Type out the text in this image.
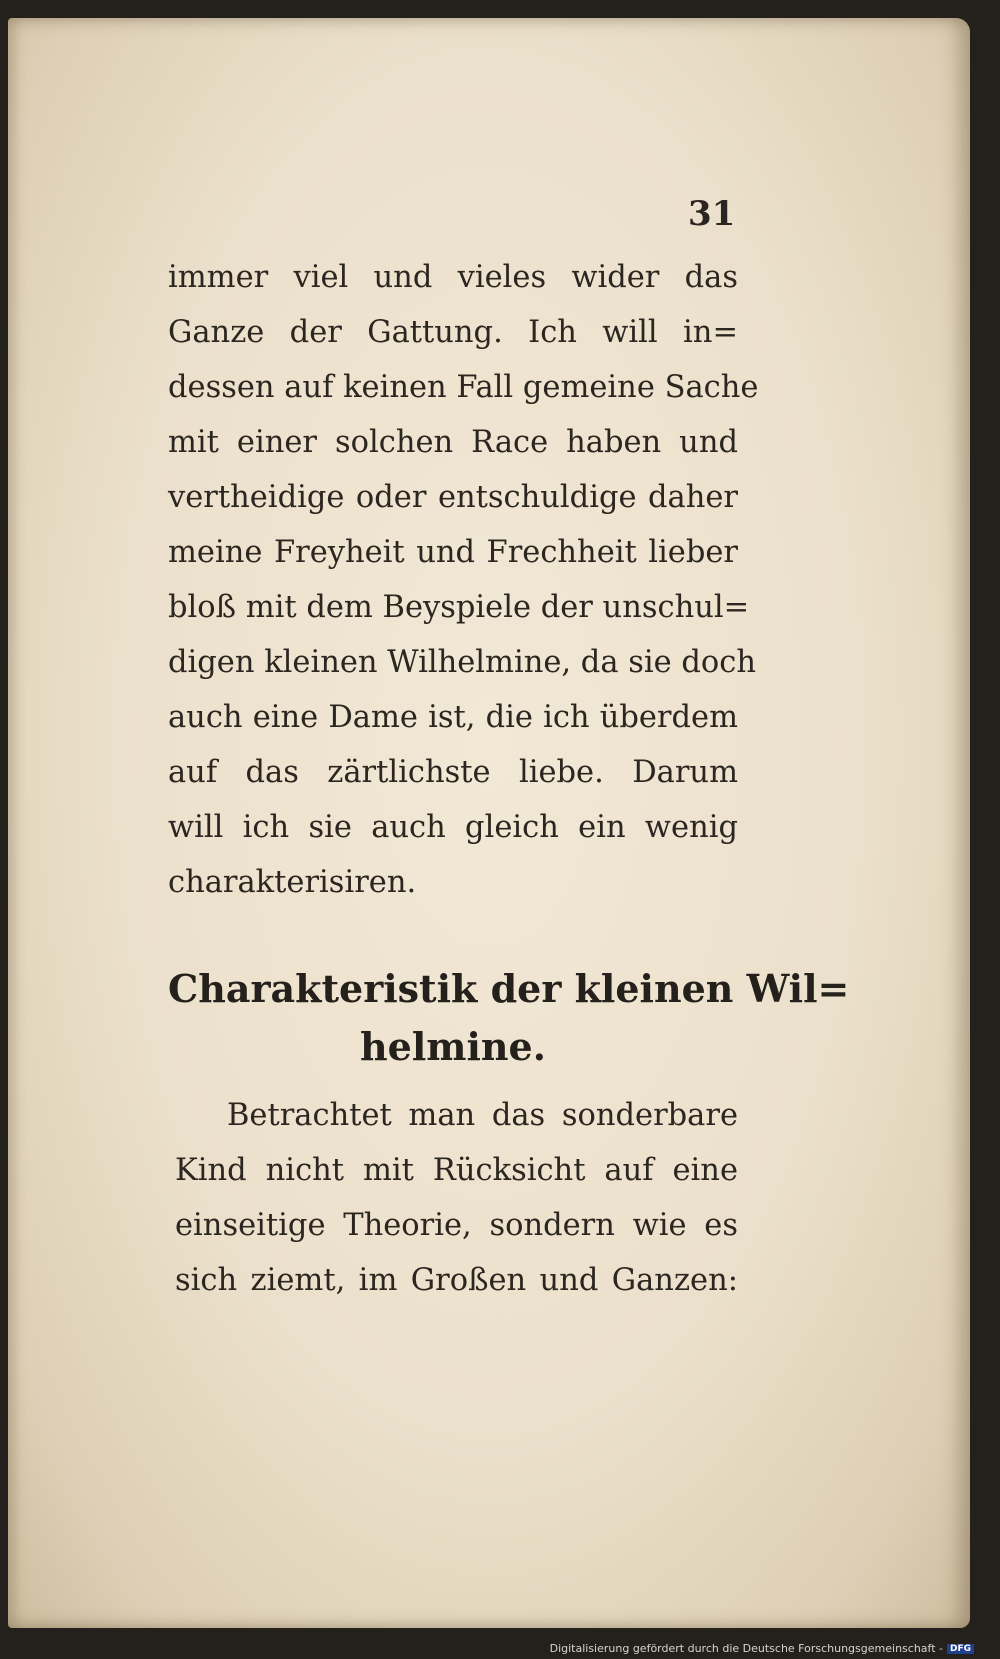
31
immer viel und vieles wider das
Ganze der Gattung. Ich will in=
dessen auf keinen Fall gemeine Sache
mit einer solchen Race haben und
vertheidige oder entschuldige daher
meine Freyheit und Frechheit lieber
bloß mit dem Beyspiele der unschul=
digen kleinen Wilhelmine, da sie doch
auch eine Dame ist, die ich überdem
auf das zärtlichste liebe. Darum
will ich sie auch gleich ein wenig
charakterisiren.
Charakteristik der kleinen Wil=
helmine.
Betrachtet man das sonderbare
Kind nicht mit Rücksicht auf eine
einseitige Theorie, sondern wie es
sich ziemt, im Großen und Ganzen:
Digitalisierung gefördert durch die Deutsche Forschungsgemeinschaft - DFG
